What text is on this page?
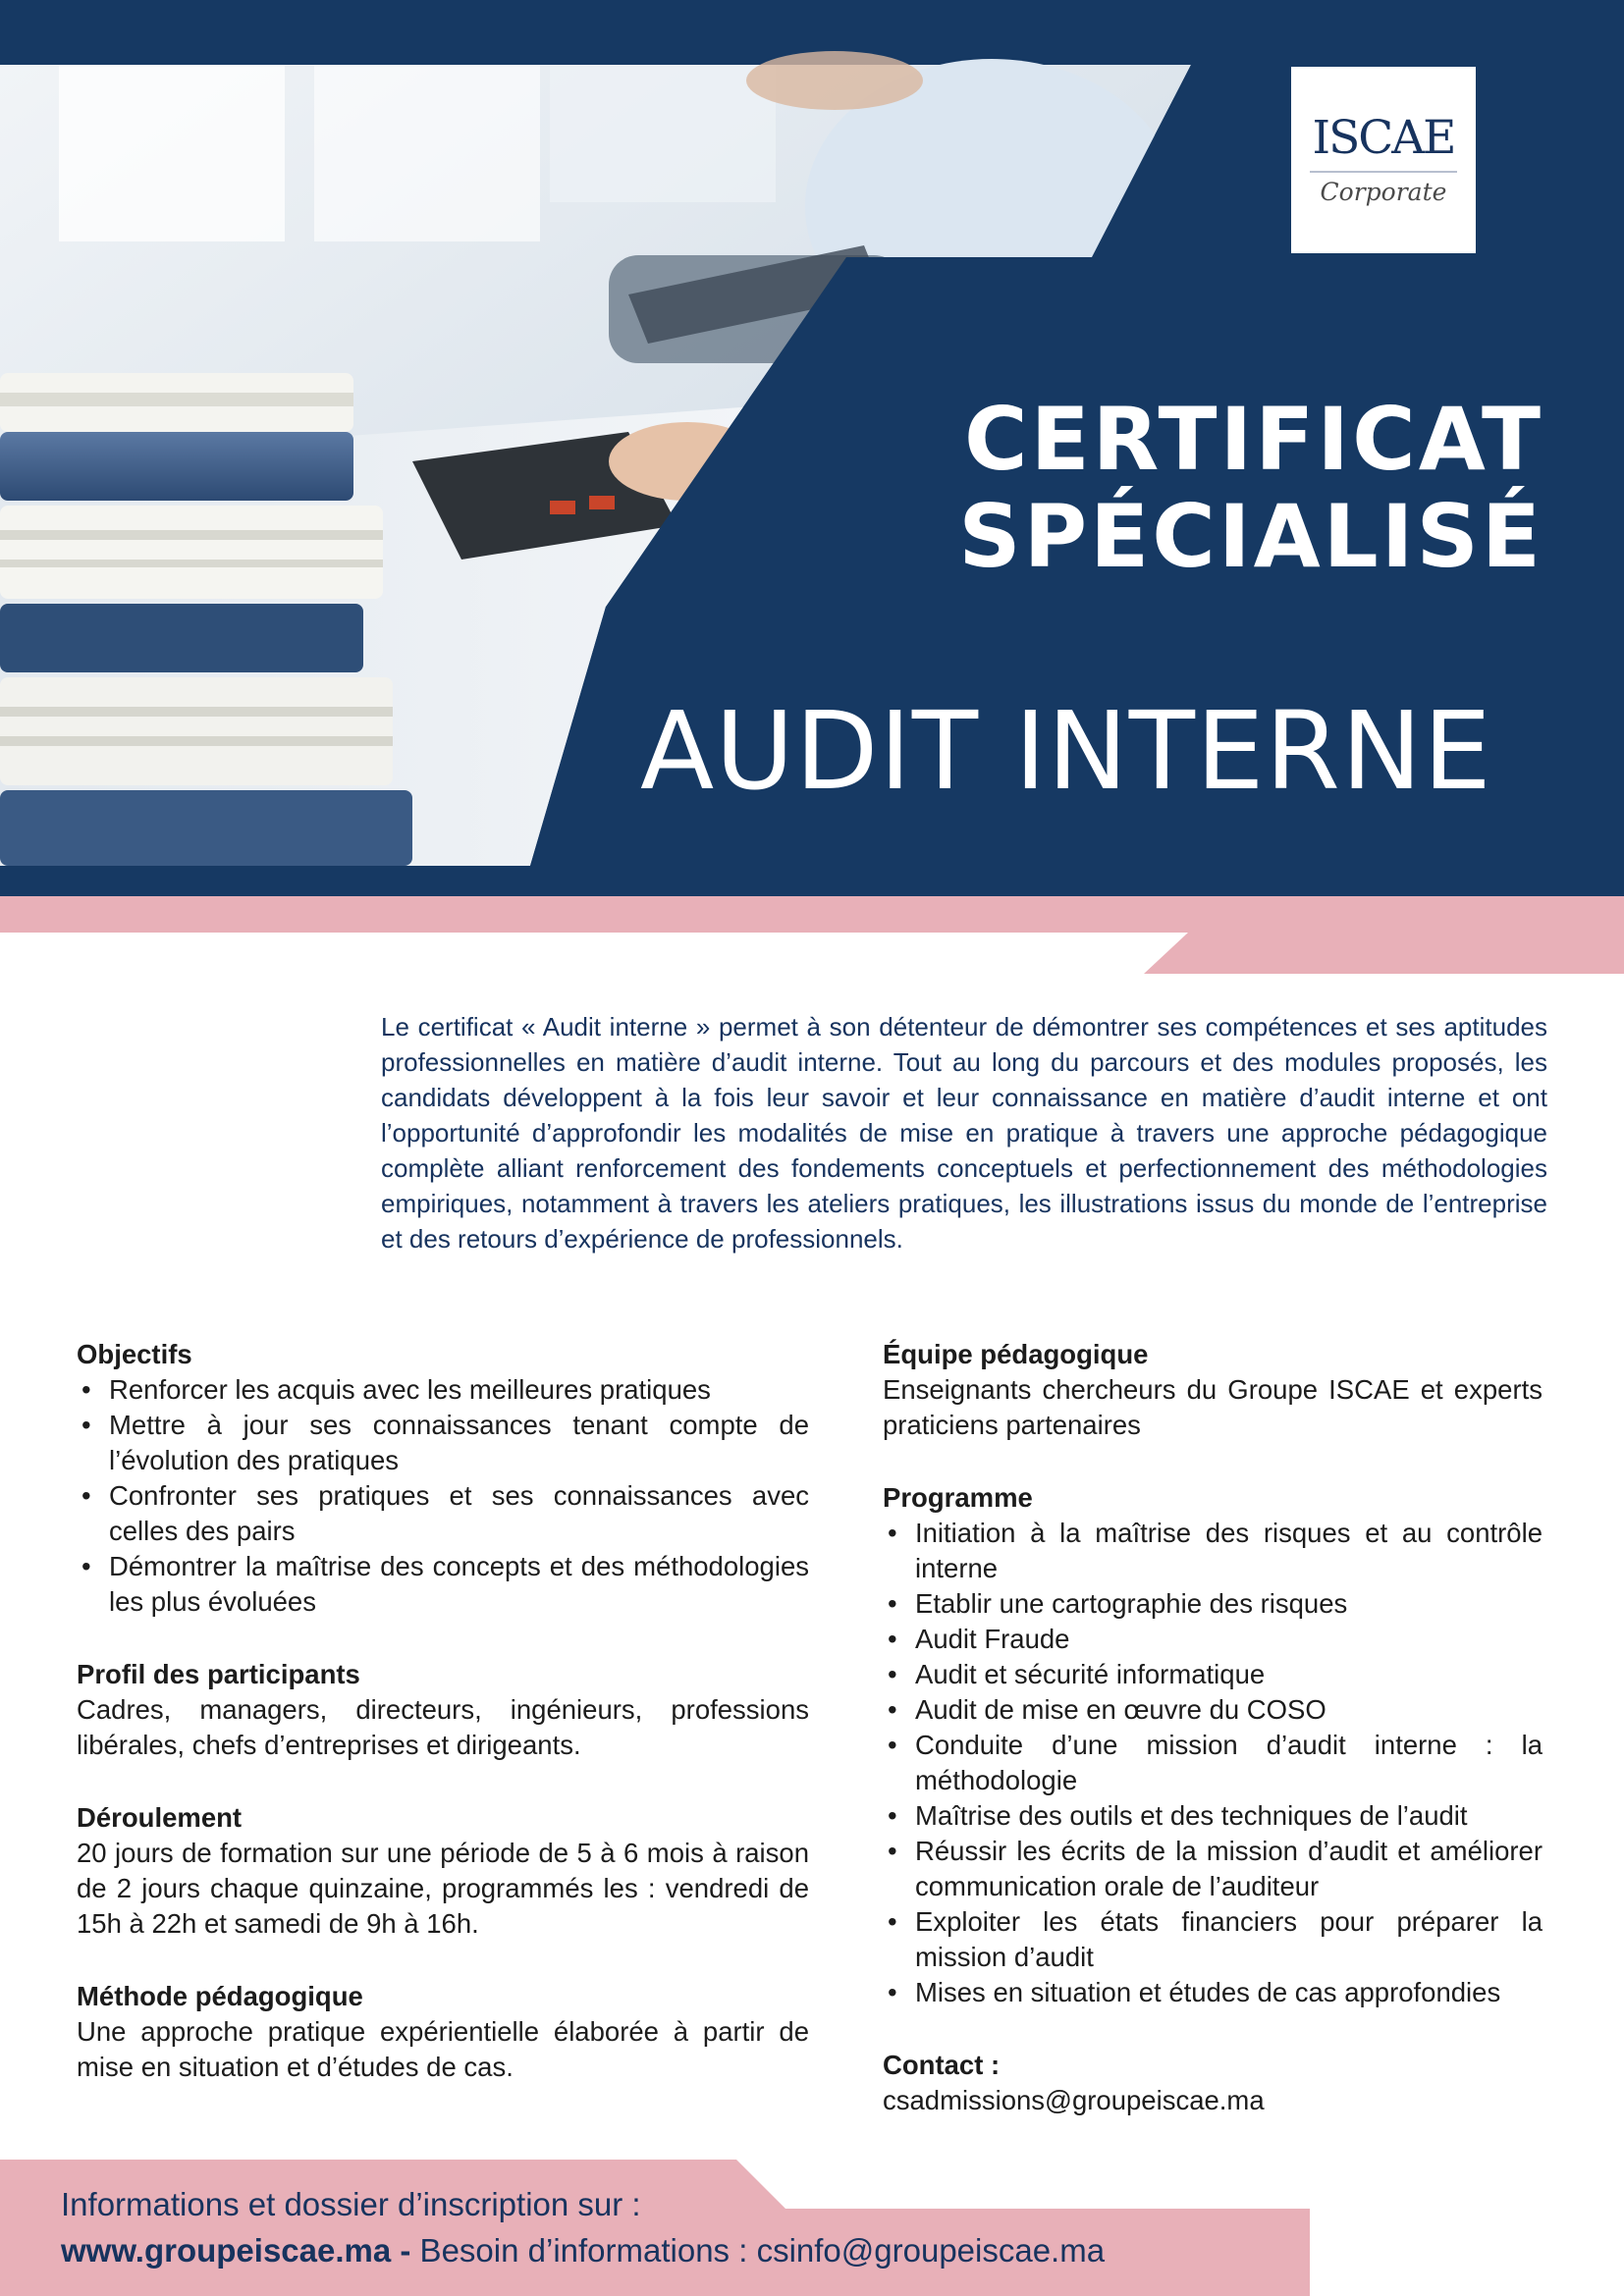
ISCAE
Corporate
CERTIFICAT
SPÉCIALISÉ
AUDIT INTERNE

Le certificat « Audit interne » permet à son détenteur de démontrer ses compétences et ses aptitudes professionnelles en matière d’audit interne. Tout au long du parcours et des modules proposés, les candidats développent à la fois leur savoir et leur connaissance en matière d’audit interne et ont l’opportunité d’approfondir les modalités de mise en pratique à travers une approche pédagogique complète alliant renforcement des fondements conceptuels et perfectionnement des méthodologies empiriques, notamment à travers les ateliers pratiques, les illustrations issus du monde de l’entreprise et des retours d’expérience de professionnels.

Objectifs
• Renforcer les acquis avec les meilleures pratiques
• Mettre à jour ses connaissances tenant compte de l’évolution des pratiques
• Confronter ses pratiques et ses connaissances avec celles des pairs
• Démontrer la maîtrise des concepts et des méthodologies les plus évoluées
Profil des participants
Cadres, managers, directeurs, ingénieurs, professions libérales, chefs d’entreprises et dirigeants.
Déroulement
20 jours de formation sur une période de 5 à 6 mois à raison de 2 jours chaque quinzaine, programmés les : vendredi de 15h à 22h et samedi de 9h à 16h.
Méthode pédagogique
Une approche pratique expérientielle élaborée à partir de mise en situation et d’études de cas.
Équipe pédagogique
Enseignants chercheurs du Groupe ISCAE et experts praticiens partenaires
Programme
• Initiation à la maîtrise des risques et au contrôle interne
• Etablir une cartographie des risques
• Audit Fraude
• Audit et sécurité informatique
• Audit de mise en œuvre du COSO
• Conduite d’une mission d’audit interne : la méthodologie
• Maîtrise des outils et des techniques de l’audit
• Réussir les écrits de la mission d’audit et améliorer communication orale de l’auditeur
• Exploiter les états financiers pour préparer la mission d’audit
• Mises en situation et études de cas approfondies
Contact :
csadmissions@groupeiscae.ma
Informations et dossier d’inscription sur :
www.groupeiscae.ma - Besoin d’informations : csinfo@groupeiscae.ma
